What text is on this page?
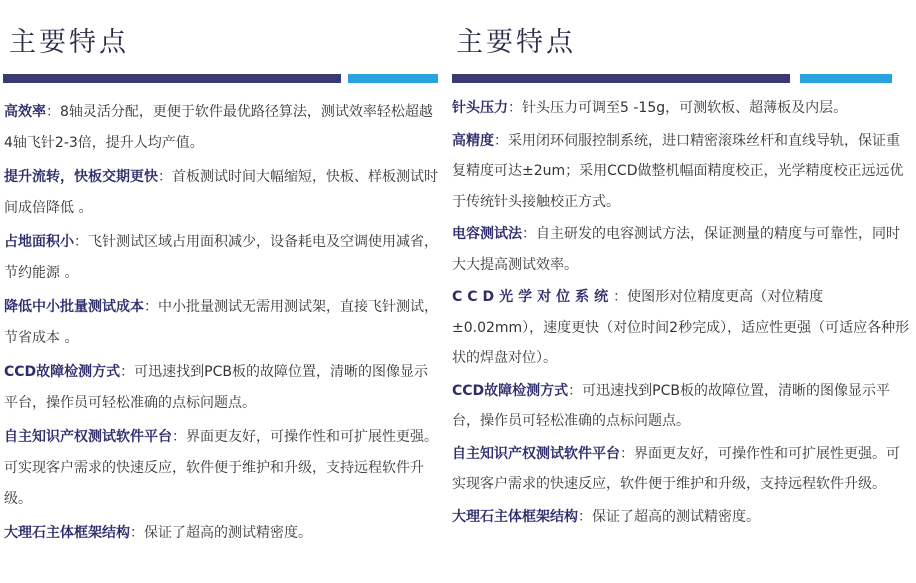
主要特点

高效率：8轴灵活分配，更便于软件最优路径算法，测试效率轻松超越4轴飞针2-3倍，提升人均产值。

提升流转，快板交期更快：首板测试时间大幅缩短，快板、样板测试时间成倍降低 。

占地面积小：飞针测试区域占用面积减少，设备耗电及空调使用减省，节约能源 。

降低中小批量测试成本：中小批量测试无需用测试架，直接飞针测试，节省成本 。

CCD故障检测方式：可迅速找到PCB板的故障位置，清晰的图像显示平台，操作员可轻松准确的点标问题点。

自主知识产权测试软件平台：界面更友好，可操作性和可扩展性更强。可实现客户需求的快速反应，软件便于维护和升级，支持远程软件升级。

大理石主体框架结构：保证了超高的测试精密度。

主要特点

针头压力：针头压力可调至5 -15g，可测软板、超薄板及内层。

高精度：采用闭环伺服控制系统，进口精密滚珠丝杆和直线导轨，保证重复精度可达±2um；采用CCD做整机幅面精度校正，光学精度校正远远优于传统针头接触校正方式。

电容测试法：自主研发的电容测试方法，保证测量的精度与可靠性，同时大大提高测试效率。

CCD光学对位系统：使图形对位精度更高（对位精度±0.02mm），速度更快（对位时间2秒完成），适应性更强（可适应各种形状的焊盘对位）。

CCD故障检测方式：可迅速找到PCB板的故障位置，清晰的图像显示平台，操作员可轻松准确的点标问题点。

自主知识产权测试软件平台：界面更友好，可操作性和可扩展性更强。可实现客户需求的快速反应，软件便于维护和升级，支持远程软件升级。

大理石主体框架结构：保证了超高的测试精密度。
